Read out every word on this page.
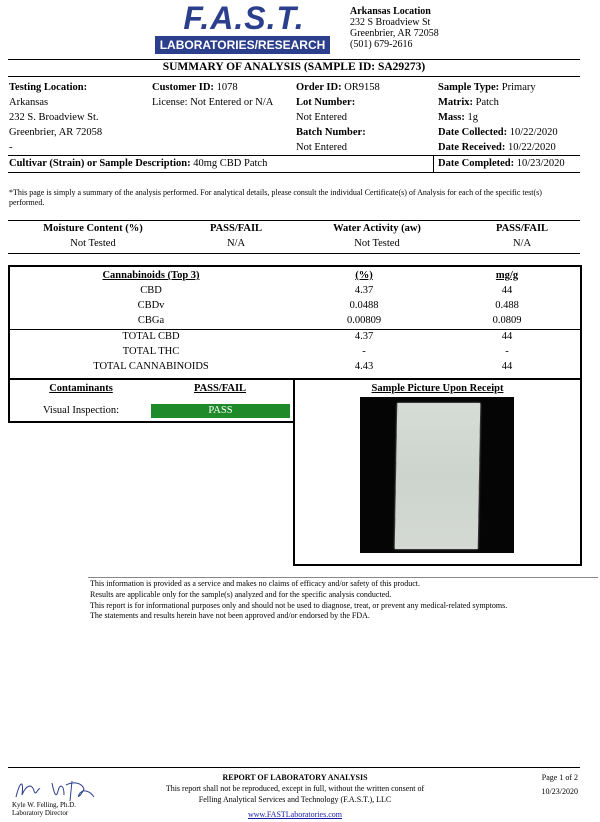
F.A.S.T.
LABORATORIES/RESEARCH
Arkansas Location
232 S Broadview St
Greenbrier, AR 72058
(501) 679-2616
SUMMARY OF ANALYSIS (SAMPLE ID: SA29273)
Testing Location:
Arkansas
232 S. Broadview St.
Greenbrier, AR 72058
-
Customer ID: 1078
License: Not Entered or N/A
Order ID: OR9158
Lot Number:
Not Entered
Batch Number:
Not Entered
Sample Type: Primary
Matrix: Patch
Mass: 1g
Date Collected: 10/22/2020
Date Received: 10/22/2020
Cultivar (Strain) or Sample Description: 40mg CBD Patch	Date Completed: 10/23/2020
*This page is simply a summary of the analysis performed. For analytical details, please consult the individual Certificate(s) of Analysis for each of the specific test(s) performed.
Moisture Content (%)	PASS/FAIL	Water Activity (aw)	PASS/FAIL
Not Tested	N/A	Not Tested	N/A
Cannabinoids (Top 3)	(%)	mg/g
CBD	4.37	44
CBDv	0.0488	0.488
CBGa	0.00809	0.0809
TOTAL CBD	4.37	44
TOTAL THC	-	-
TOTAL CANNABINOIDS	4.43	44
Contaminants	PASS/FAIL
Visual Inspection:	PASS
Sample Picture Upon Receipt
This information is provided as a service and makes no claims of efficacy and/or safety of this product.
Results are applicable only for the sample(s) analyzed and for the specific analysis conducted.
This report is for informational purposes only and should not be used to diagnose, treat, or prevent any medical-related symptoms.
The statements and results herein have not been approved and/or endorsed by the FDA.
Kyle W. Felling, Ph.D.
Laboratory Director
REPORT OF LABORATORY ANALYSIS
This report shall not be reproduced, except in full, without the written consent of
Felling Analytical Services and Technology (F.A.S.T.), LLC
www.FASTLaboratories.com
Page 1 of 2
10/23/2020
